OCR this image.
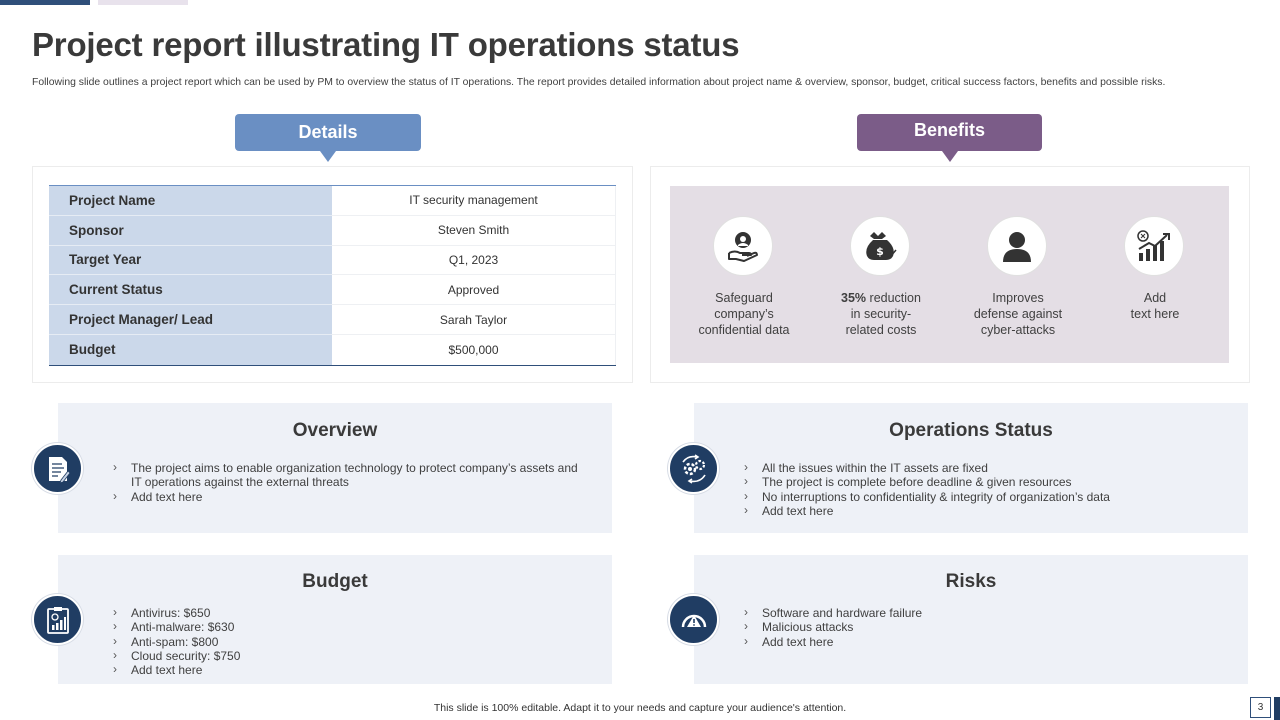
Project report illustrating IT operations status

Following slide outlines a project report which can be used by PM to overview the status of IT operations. The report provides detailed information about project name & overview, sponsor, budget, critical success factors, benefits and possible risks.

Details
Project Name	IT security management
Sponsor	Steven Smith
Target Year	Q1, 2023
Current Status	Approved
Project Manager/ Lead	Sarah Taylor
Budget	$500,000
Benefits
Safeguard
company’s
confidential data
$
35% reduction
in security-
related costs
Improves
defense against
cyber-attacks
Add
text here
Overview
› The project aims to enable organization technology to protect company’s assets and IT operations against the external threats
› Add text here
Operations Status
› All the issues within the IT assets are fixed
› The project is complete before deadline & given resources
› No interruptions to confidentiality & integrity of organization’s data
› Add text here
Budget
› Antivirus: $650
› Anti-malware: $630
› Anti-spam: $800
› Cloud security: $750
› Add text here
Risks
› Software and hardware failure
› Malicious attacks
› Add text here
This slide is 100% editable. Adapt it to your needs and capture your audience's attention.	3
